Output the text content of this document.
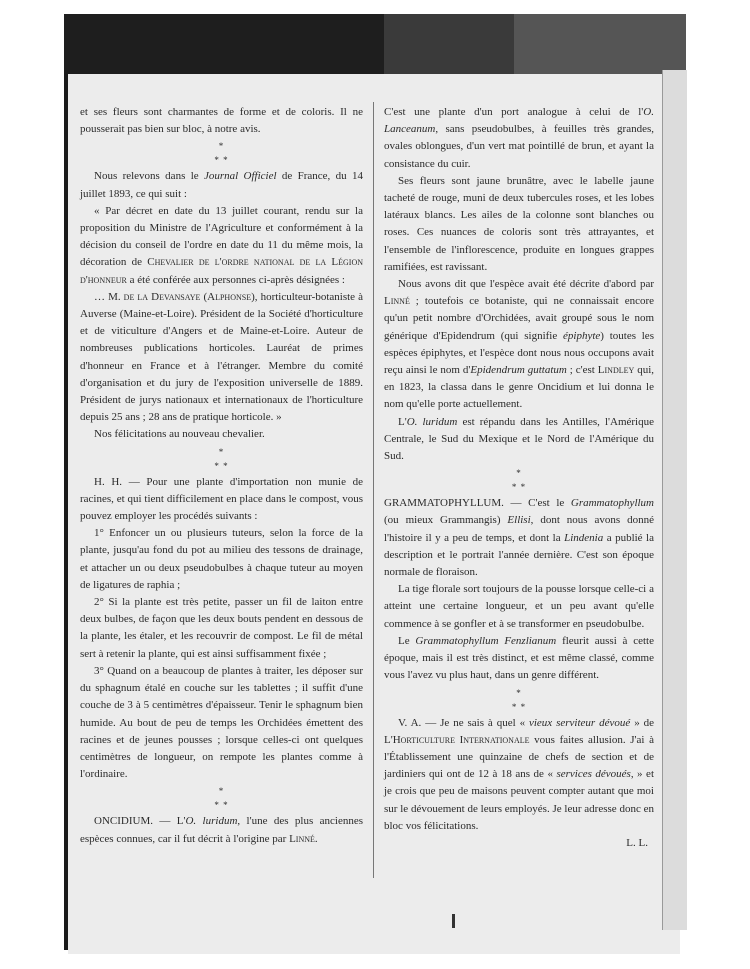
et ses fleurs sont charmantes de forme et de coloris. Il ne pousserait pas bien sur bloc, à notre avis.

*
* *

Nous relevons dans le Journal Officiel de France, du 14 juillet 1893, ce qui suit :

« Par décret en date du 13 juillet courant, rendu sur la proposition du Ministre de l'Agriculture et conformément à la décision du conseil de l'ordre en date du 11 du même mois, la décoration de Chevalier de l'ordre national de la Légion d'honneur a été conférée aux personnes ci-après désignées :

… M. de la Devansaye (Alphonse), horticulteur-botaniste à Auverse (Maine-et-Loire). Président de la Société d'horticulture et de viticulture d'Angers et de Maine-et-Loire. Auteur de nombreuses publications horticoles. Lauréat de primes d'honneur en France et à l'étranger. Membre du comité d'organisation et du jury de l'exposition universelle de 1889. Président de jurys nationaux et internationaux de l'horticulture depuis 25 ans ; 28 ans de pratique horticole. »

Nos félicitations au nouveau chevalier.

*
* *

H. H. — Pour une plante d'importation non munie de racines, et qui tient difficilement en place dans le compost, vous pouvez employer les procédés suivants :

1° Enfoncer un ou plusieurs tuteurs, selon la force de la plante, jusqu'au fond du pot au milieu des tessons de drainage, et attacher un ou deux pseudobulbes à chaque tuteur au moyen de ligatures de raphia ;

2° Si la plante est très petite, passer un fil de laiton entre deux bulbes, de façon que les deux bouts pendent en dessous de la plante, les étaler, et les recouvrir de compost. Le fil de métal sert à retenir la plante, qui est ainsi suffisamment fixée ;

3° Quand on a beaucoup de plantes à traiter, les déposer sur du sphagnum étalé en couche sur les tablettes ; il suffit d'une couche de 3 à 5 centimètres d'épaisseur. Tenir le sphagnum bien humide. Au bout de peu de temps les Orchidées émettent des racines et de jeunes pousses ; lorsque celles-ci ont quelques centimètres de longueur, on rempote les plantes comme à l'ordinaire.

*
* *

ONCIDIUM. — L'O. luridum, l'une des plus anciennes espèces connues, car il fut décrit à l'origine par Linné.

C'est une plante d'un port analogue à celui de l'O. Lanceanum, sans pseudobulbes, à feuilles très grandes, ovales oblongues, d'un vert mat pointillé de brun, et ayant la consistance du cuir.

Ses fleurs sont jaune brunâtre, avec le labelle jaune tacheté de rouge, muni de deux tubercules roses, et les lobes latéraux blancs. Les ailes de la colonne sont blanches ou roses. Ces nuances de coloris sont très attrayantes, et l'ensemble de l'inflorescence, produite en longues grappes ramifiées, est ravissant.

Nous avons dit que l'espèce avait été décrite d'abord par Linné ; toutefois ce botaniste, qui ne connaissait encore qu'un petit nombre d'Orchidées, avait groupé sous le nom générique d'Epidendrum (qui signifie épiphyte) toutes les espèces épiphytes, et l'espèce dont nous nous occupons avait reçu ainsi le nom d'Epidendrum guttatum ; c'est Lindley qui, en 1823, la classa dans le genre Oncidium et lui donna le nom qu'elle porte actuellement.

L'O. luridum est répandu dans les Antilles, l'Amérique Centrale, le Sud du Mexique et le Nord de l'Amérique du Sud.

*
* *

GRAMMATOPHYLLUM. — C'est le Grammatophyllum (ou mieux Grammangis) Ellisi, dont nous avons donné l'histoire il y a peu de temps, et dont la Lindenia a publié la description et le portrait l'année dernière. C'est son époque normale de floraison.

La tige florale sort toujours de la pousse lorsque celle-ci a atteint une certaine longueur, et un peu avant qu'elle commence à se gonfler et à se transformer en pseudobulbe.

Le Grammatophyllum Fenzlianum fleurit aussi à cette époque, mais il est très distinct, et est même classé, comme vous l'avez vu plus haut, dans un genre différent.

*
* *

V. A. — Je ne sais à quel « vieux serviteur dévoué » de L'Horticulture Internationale vous faites allusion. J'ai à l'Établissement une quinzaine de chefs de section et de jardiniers qui ont de 12 à 18 ans de « services dévoués, » et je crois que peu de maisons peuvent compter autant que moi sur le dévouement de leurs employés. Je leur adresse donc en bloc vos félicitations.

L. L.
